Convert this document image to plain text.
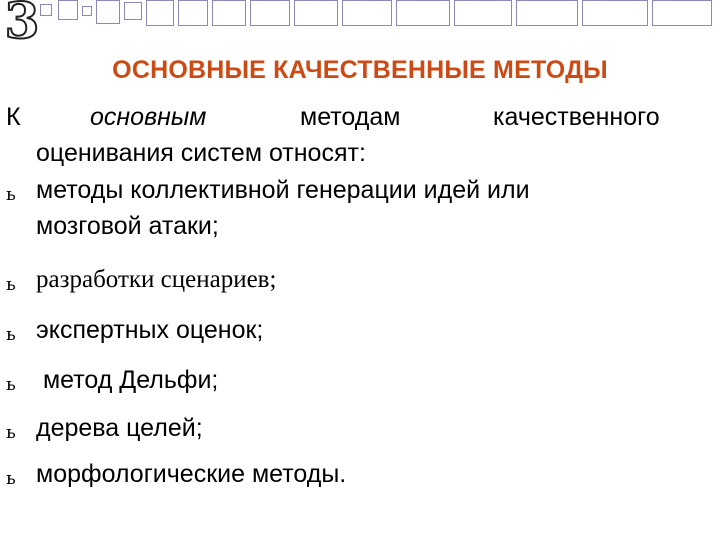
3
ОСНОВНЫЕ КАЧЕСТВЕННЫЕ МЕТОДЫ
К	основным	методам	качественного
оценивания систем относят:
ь методы коллективной генерации идей или
мозговой атаки;
ь разработки сценариев;
ь экспертных оценок;
ь метод Дельфи;
ь дерева целей;
ь морфологические методы.
